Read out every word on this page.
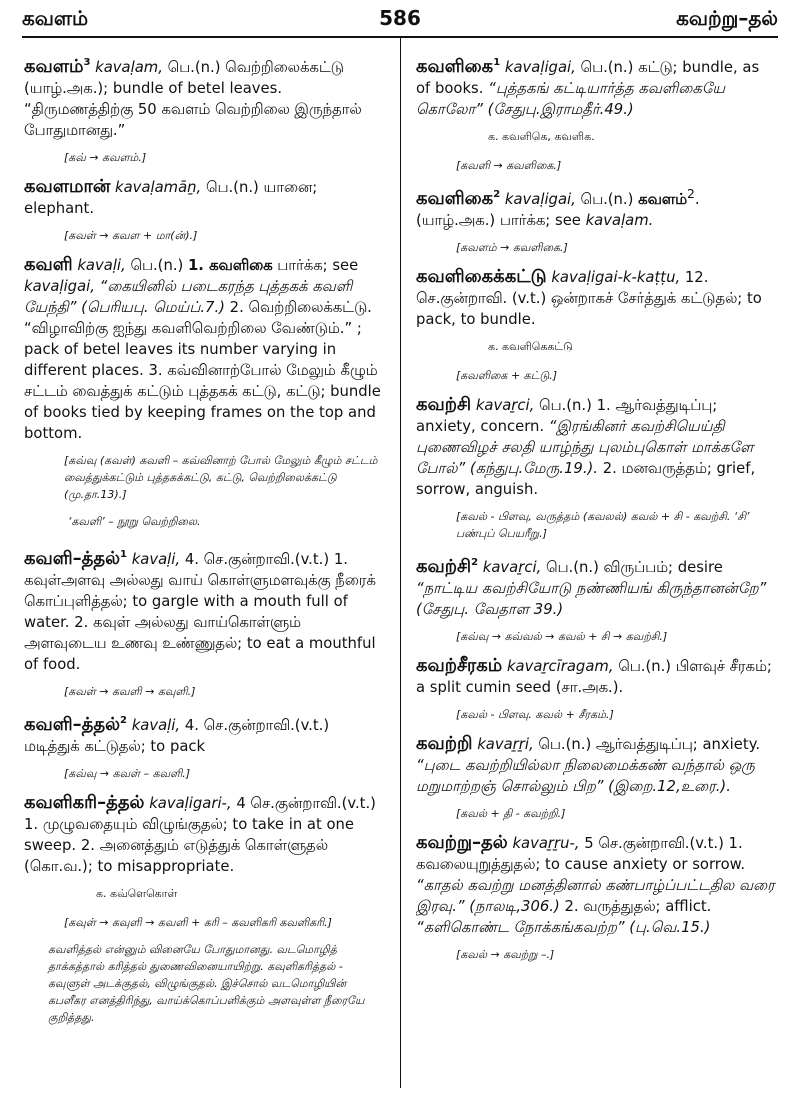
கவளம்	586	கவற்று–தல்

கவளம்$^3$ kavaḷam, பெ.(n.) வெற்றிலைக்கட்டு (யாழ்.அக.); bundle of betel leaves. “திருமணத்திற்கு 50 கவளம் வெற்றிலை இருந்தால் போதுமானது.”

[கவ் → கவளம்.]

கவளமான் kavaḷamāṉ, பெ.(n.) யானை; elephant.

[கவள் → கவள + மா(ன்).]

கவளி kavaḷi, பெ.(n.) 1. கவளிகை பார்க்க; see kavaḷigai, “கையினில் படைகரந்த புத்தகக் கவளி யேந்தி” (பெரியபு. மெய்ப்.7.) 2. வெற்றிலைக்கட்டு. “விழாவிற்கு ஐந்து கவளிவெற்றிலை வேண்டும்.” ; pack of betel leaves its number varying in different places. 3. கவ்வினாற்போல் மேலும் கீழும் சட்டம் வைத்துக் கட்டும் புத்தகக் கட்டு, கட்டு; bundle of books tied by keeping frames on the top and bottom.

[கவ்வு (கவள்) கவளி – கவ்வினாற் போல் மேலும் கீழும் சட்டம் வைத்துக்கட்டும் புத்தகக்கட்டு, கட்டு, வெற்றிலைக்கட்டு (மு.தா.13).]

‘கவளி’ – நூறு வெற்றிலை.

கவளி–த்தல்$^1$ kavaḷi, 4. செ.குன்றாவி.(v.t.) 1. கவுள்அளவு அல்லது வாய் கொள்ளுமளவுக்கு நீரைக் கொப்புளித்தல்; to gargle with a mouth full of water. 2. கவுள் அல்லது வாய்கொள்ளும் அளவுடைய உணவு உண்ணுதல்; to eat a mouthful of food.

[கவள் → கவளி → கவுளி.]

கவளி–த்தல்$^2$ kavaḷi, 4. செ.குன்றாவி.(v.t.) மடித்துக் கட்டுதல்; to pack

[கவ்வு → கவள் – கவளி.]

கவளிகரி–த்தல் kavaḷigari-, 4 செ.குன்றாவி.(v.t.) 1. முழுவதையும் விழுங்குதல்; to take in at one sweep. 2. அனைத்தும் எடுத்துக் கொள்ளுதல் (கொ.வ.); to misappropriate.

க. கவ்ளெகொள்

[கவுள் → கவுளி → கவளி + கரி – கவளிகரி கவளிகரி.]

கவளித்தல் என்னும் வினையே போதுமானது. வடமொழித் தாக்கத்தால் கரித்தல் துணைவினையாயிற்று. கவுளிகரித்தல் - கவுளுள் அடக்குதல், விழுங்குதல். இச்சொல் வடமொழியின் கபளீகர எனத்திரிந்து, வாய்க்கொப்பளிக்கும் அளவுள்ள நீரையே குறித்தது.

கவளிகை$^1$ kavaḷigai, பெ.(n.) கட்டு; bundle, as of books. “புத்தகங் கட்டியார்த்த கவளிகையே கொலோ” (சேதுபு.இராமதீர்.49.)

க. கவளிகெ, கவளிக.

[கவளி → கவளிகை.]

கவளிகை$^2$ kavaḷigai, பெ.(n.) கவளம்$^2$. (யாழ்.அக.) பார்க்க; see kavaḷam.

[கவளம் → கவளிகை.]

கவளிகைக்கட்டு kavaḷigai-k-kaṭṭu, 12. செ.குன்றாவி. (v.t.) ஒன்றாகச் சேர்த்துக் கட்டுதல்; to pack, to bundle.

க. கவளிகெகட்டு

[கவளிகை + கட்டு.]

கவற்சி kavaṟci, பெ.(n.) 1. ஆர்வத்துடிப்பு; anxiety, concern. “இரங்கினர் கவற்சியெய்தி புணைவிழச் சலதி யாழ்ந்து புலம்புகொள் மாக்களே போல்” (கந்துபு.மேரு.19.). 2. மனவருத்தம்; grief, sorrow, anguish.

[கவல் - பிளவு, வருத்தம் (கவலல்) கவல் + சி - கவற்சி. ‘சி’ பண்புப் பெயரீறு.]

கவற்சி$^2$ kavaṟci, பெ.(n.) விருப்பம்; desire “நாட்டிய கவற்சியோடு நண்ணியங் கிருந்தானன்றே” (சேதுபு. வேதாள 39.)

[கவ்வு → கவ்வல் → கவல் + சி → கவற்சி.]

கவற்சீரகம் kavaṟcīragam, பெ.(n.) பிளவுச் சீரகம்; a split cumin seed (சா.அக.).

[கவல் - பிளவு. கவல் + சீரகம்.]

கவற்றி kavaṟṟi, பெ.(n.) ஆர்வத்துடிப்பு; anxiety. “புடை கவற்றியில்லா நிலைமைக்கண் வந்தால் ஒரு மறுமாற்றஞ் சொல்லும் பிற” (இறை.12,உரை.).

[கவல் + தி - கவற்றி.]

கவற்று–தல் kavaṟṟu-, 5 செ.குன்றாவி.(v.t.) 1. கவலையுறுத்துதல்; to cause anxiety or sorrow. “காதல் கவற்று மனத்தினால் கண்பாழ்ப்பட்டதில வரை இரவு.” (நாலடி,306.) 2. வருத்துதல்; afflict. “களிகொண்ட நோக்கங்கவற்ற” (பு.வெ.15.)

[கவல் → கவற்று –.]
